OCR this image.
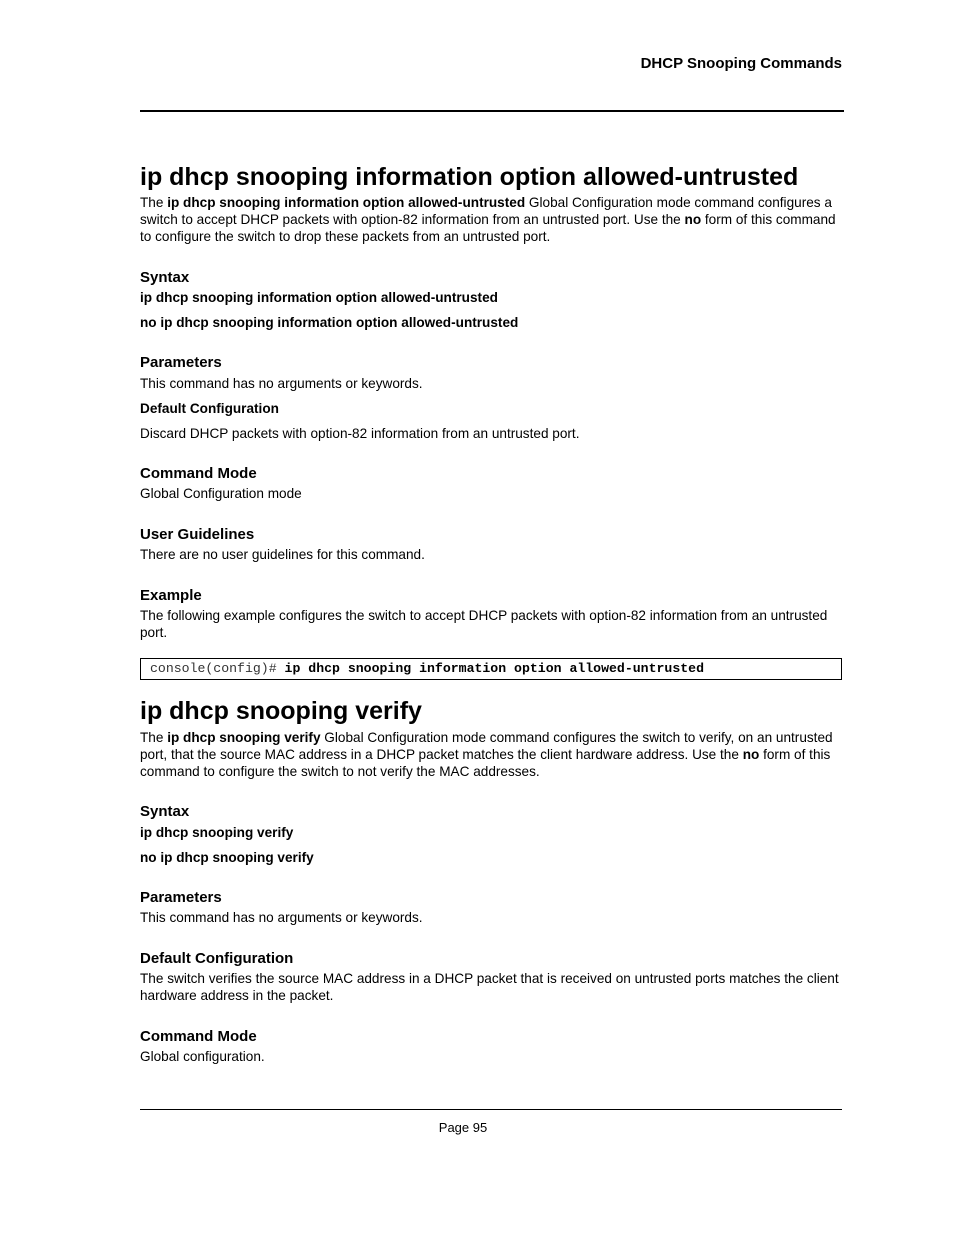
DHCP Snooping Commands
ip dhcp snooping information option allowed-untrusted

The ip dhcp snooping information option allowed-untrusted Global Configuration mode command configures a switch to accept DHCP packets with option-82 information from an untrusted port. Use the no form of this command to configure the switch to drop these packets from an untrusted port.

Syntax
ip dhcp snooping information option allowed-untrusted
no ip dhcp snooping information option allowed-untrusted
Parameters

This command has no arguments or keywords.

Default Configuration

Discard DHCP packets with option-82 information from an untrusted port.

Command Mode

Global Configuration mode

User Guidelines

There are no user guidelines for this command.

Example

The following example configures the switch to accept DHCP packets with option-82 information from an untrusted port.

console(config)# ip dhcp snooping information option allowed-untrusted
ip dhcp snooping verify

The ip dhcp snooping verify Global Configuration mode command configures the switch to verify, on an untrusted port, that the source MAC address in a DHCP packet matches the client hardware address. Use the no form of this command to configure the switch to not verify the MAC addresses.

Syntax
ip dhcp snooping verify
no ip dhcp snooping verify
Parameters

This command has no arguments or keywords.

Default Configuration

The switch verifies the source MAC address in a DHCP packet that is received on untrusted ports matches the client hardware address in the packet.

Command Mode

Global configuration.

Page 95
